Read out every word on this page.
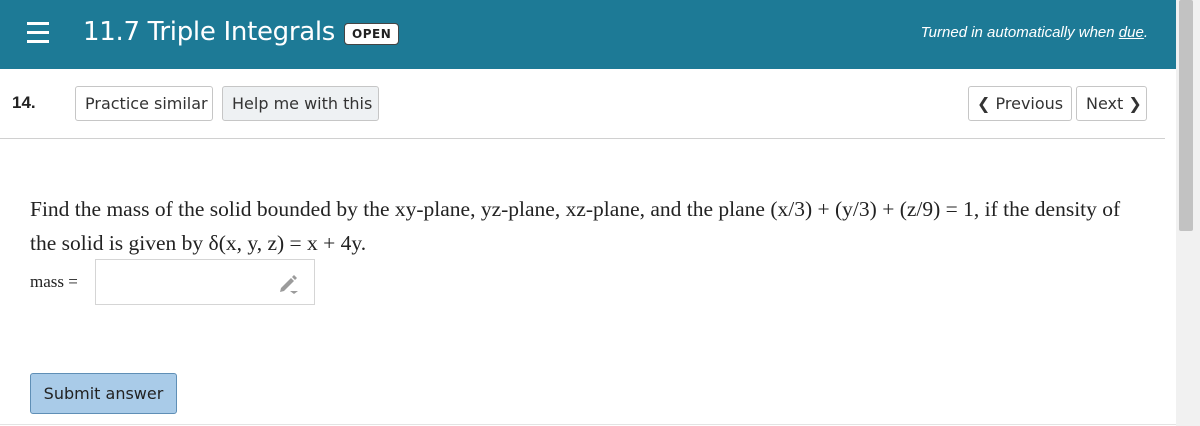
11.7 Triple Integrals	OPEN	Turned in automatically when due.
14.	Practice similar	Help me with this	❮ Previous	Next ❯
Find the mass of the solid bounded by the xy-plane, yz-plane, xz-plane, and the plane (x/3) + (y/3) + (z/9) = 1, if the density of the solid is given by δ(x, y, z) = x + 4y.
mass =
Submit answer
